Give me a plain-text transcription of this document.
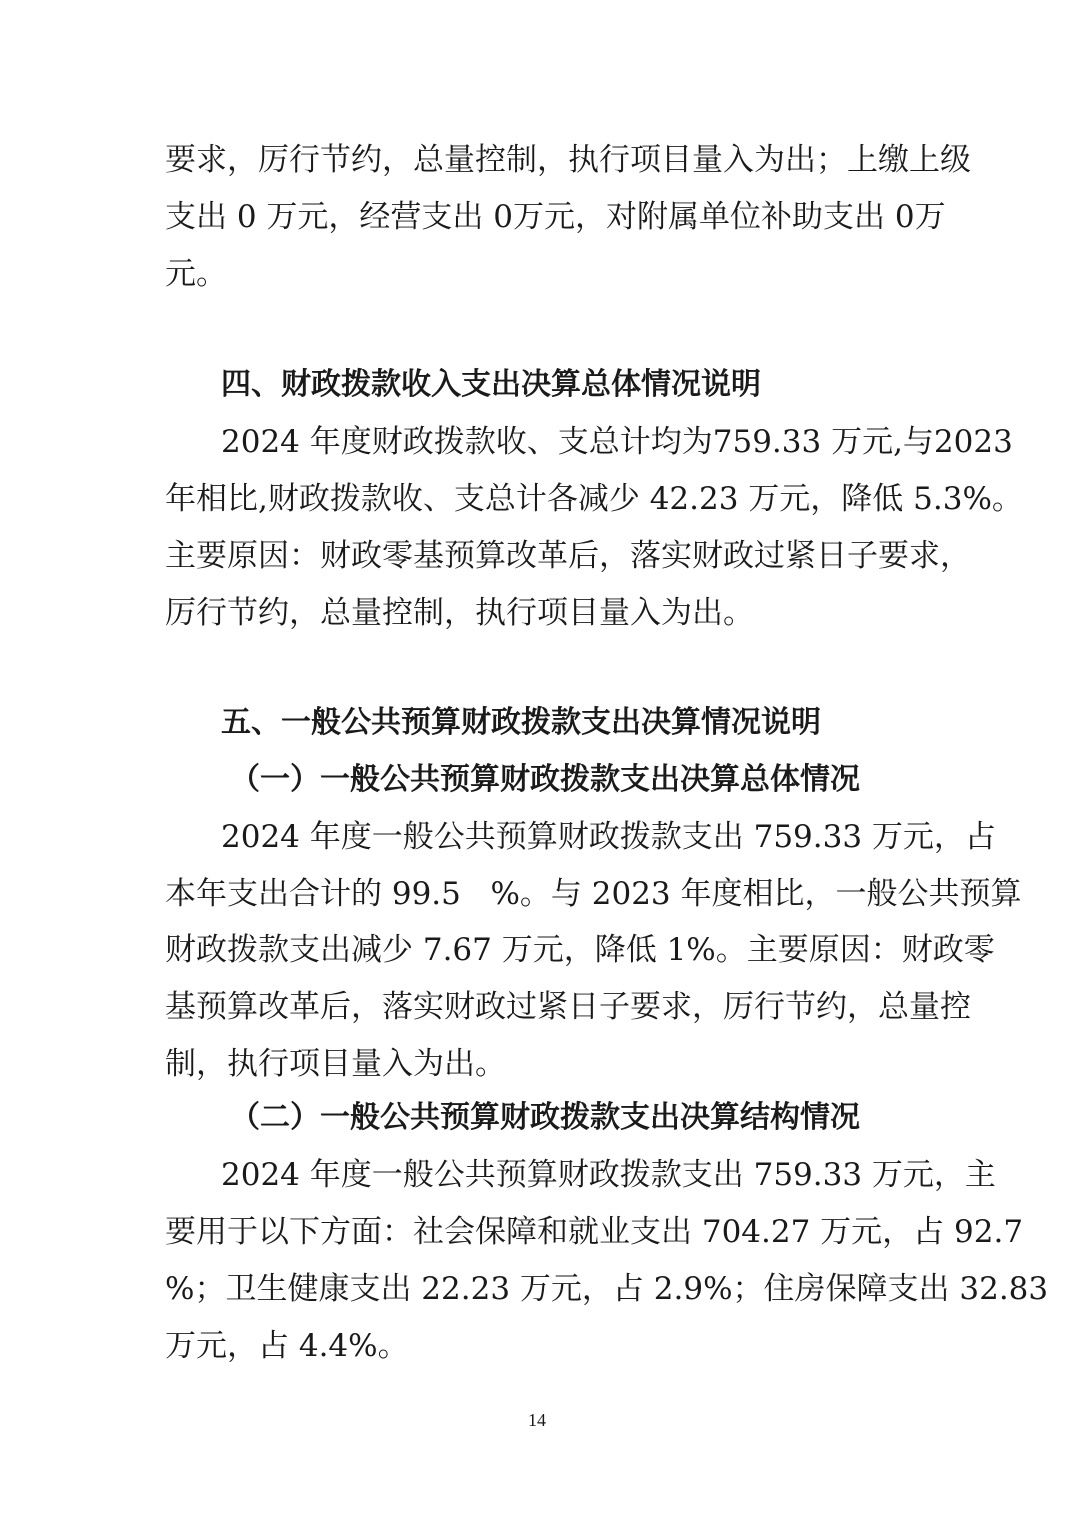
要求，厉行节约，总量控制，执行项目量入为出；上缴上级

支出 0 万元，经营支出 0万元，对附属单位补助支出 0万

元。

四、财政拨款收入支出决算总体情况说明

2024 年度财政拨款收、支总计均为759.33 万元,与2023

年相比,财政拨款收、支总计各减少 42.23 万元，降低 5.3%。

主要原因：财政零基预算改革后，落实财政过紧日子要求，

厉行节约，总量控制，执行项目量入为出。

五、一般公共预算财政拨款支出决算情况说明
（一）一般公共预算财政拨款支出决算总体情况

2024 年度一般公共预算财政拨款支出 759.33 万元，占

本年支出合计的 99.5   %。与 2023 年度相比，一般公共预算

财政拨款支出减少 7.67 万元，降低 1%。主要原因：财政零

基预算改革后，落实财政过紧日子要求，厉行节约，总量控

制，执行项目量入为出。

（二）一般公共预算财政拨款支出决算结构情况

2024 年度一般公共预算财政拨款支出 759.33 万元，主

要用于以下方面：社会保障和就业支出 704.27 万元，占 92.7

%；卫生健康支出 22.23 万元，占 2.9%；住房保障支出 32.83

万元，占 4.4%。

14
